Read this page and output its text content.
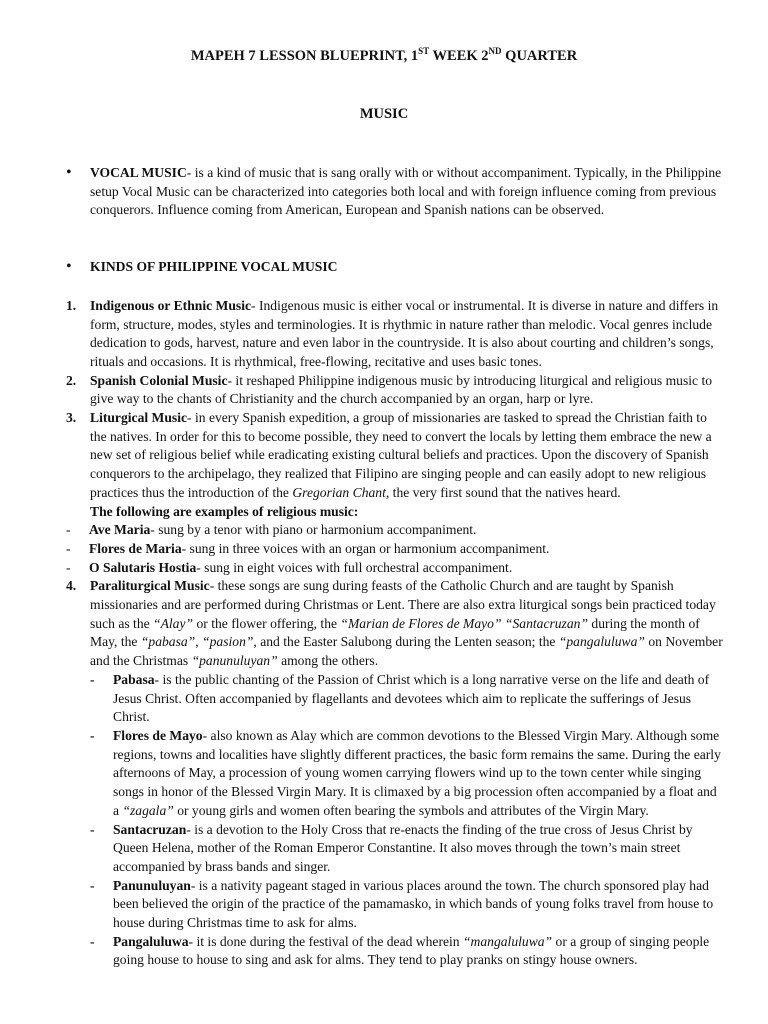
MAPEH 7 LESSON BLUEPRINT, 1ST WEEK 2ND QUARTER
MUSIC
•	VOCAL MUSIC- is a kind of music that is sang orally with or without accompaniment. Typically, in the Philippine setup Vocal Music can be characterized into categories both local and with foreign influence coming from previous conquerors. Influence coming from American, European and Spanish nations can be observed.
•	KINDS OF PHILIPPINE VOCAL MUSIC
1.	Indigenous or Ethnic Music- Indigenous music is either vocal or instrumental. It is diverse in nature and differs in form, structure, modes, styles and terminologies. It is rhythmic in nature rather than melodic. Vocal genres include dedication to gods, harvest, nature and even labor in the countryside. It is also about courting and children’s songs, rituals and occasions. It is rhythmical, free-flowing, recitative and uses basic tones.
2.	Spanish Colonial Music- it reshaped Philippine indigenous music by introducing liturgical and religious music to give way to the chants of Christianity and the church accompanied by an organ, harp or lyre.
3.	Liturgical Music- in every Spanish expedition, a group of missionaries are tasked to spread the Christian faith to the natives. In order for this to become possible, they need to convert the locals by letting them embrace the new a new set of religious belief while eradicating existing cultural beliefs and practices. Upon the discovery of Spanish conquerors to the archipelago, they realized that Filipino are singing people and can easily adopt to new religious practices thus the introduction of the Gregorian Chant, the very first sound that the natives heard.
The following are examples of religious music:
-	Ave Maria- sung by a tenor with piano or harmonium accompaniment.
-	Flores de Maria- sung in three voices with an organ or harmonium accompaniment.
-	O Salutaris Hostia- sung in eight voices with full orchestral accompaniment.
4.	Paraliturgical Music- these songs are sung during feasts of the Catholic Church and are taught by Spanish missionaries and are performed during Christmas or Lent. There are also extra liturgical songs bein practiced today such as the “Alay” or the flower offering, the “Marian de Flores de Mayo” “Santacruzan” during the month of May, the “pabasa”, “pasion”, and the Easter Salubong during the Lenten season; the “pangaluluwa” on November and the Christmas “panunuluyan” among the others.
-	Pabasa- is the public chanting of the Passion of Christ which is a long narrative verse on the life and death of Jesus Christ. Often accompanied by flagellants and devotees which aim to replicate the sufferings of Jesus Christ.
-	Flores de Mayo- also known as Alay which are common devotions to the Blessed Virgin Mary. Although some regions, towns and localities have slightly different practices, the basic form remains the same. During the early afternoons of May, a procession of young women carrying flowers wind up to the town center while singing songs in honor of the Blessed Virgin Mary. It is climaxed by a big procession often accompanied by a float and a “zagala” or young girls and women often bearing the symbols and attributes of the Virgin Mary.
-	Santacruzan- is a devotion to the Holy Cross that re-enacts the finding of the true cross of Jesus Christ by Queen Helena, mother of the Roman Emperor Constantine. It also moves through the town’s main street accompanied by brass bands and singer.
-	Panunuluyan- is a nativity pageant staged in various places around the town. The church sponsored play had been believed the origin of the practice of the pamamasko, in which bands of young folks travel from house to house during Christmas time to ask for alms.
-	Pangaluluwa- it is done during the festival of the dead wherein “mangaluluwa” or a group of singing people going house to house to sing and ask for alms. They tend to play pranks on stingy house owners.
